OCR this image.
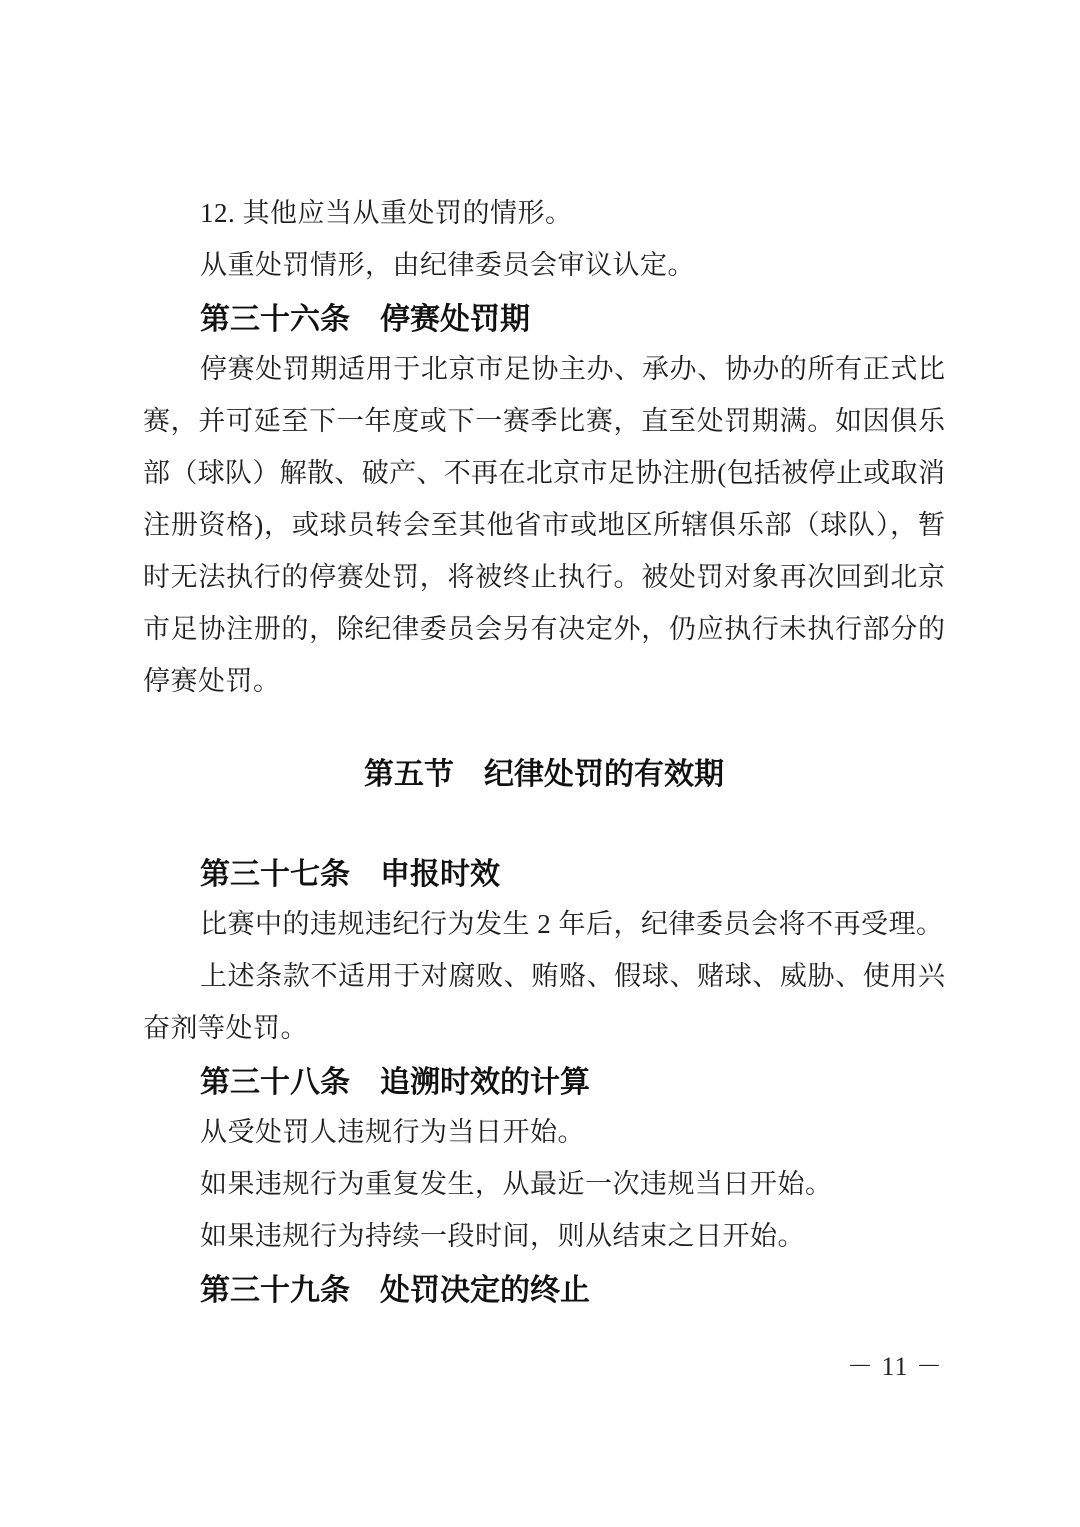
12. 其他应当从重处罚的情形。
从重处罚情形，由纪律委员会审议认定。
第三十六条　停赛处罚期
停赛处罚期适用于北京市足协主办、承办、协办的所有正式比
赛，并可延至下一年度或下一赛季比赛，直至处罚期满。如因俱乐
部（球队）解散、破产、不再在北京市足协注册(包括被停止或取消
注册资格)，或球员转会至其他省市或地区所辖俱乐部（球队），暂
时无法执行的停赛处罚，将被终止执行。被处罚对象再次回到北京
市足协注册的，除纪律委员会另有决定外，仍应执行未执行部分的
停赛处罚。
第五节　纪律处罚的有效期
第三十七条　申报时效
比赛中的违规违纪行为发生 2 年后，纪律委员会将不再受理。
上述条款不适用于对腐败、贿赂、假球、赌球、威胁、使用兴
奋剂等处罚。
第三十八条　追溯时效的计算
从受处罚人违规行为当日开始。
如果违规行为重复发生，从最近一次违规当日开始。
如果违规行为持续一段时间，则从结束之日开始。
第三十九条　处罚决定的终止
－ 11 －
